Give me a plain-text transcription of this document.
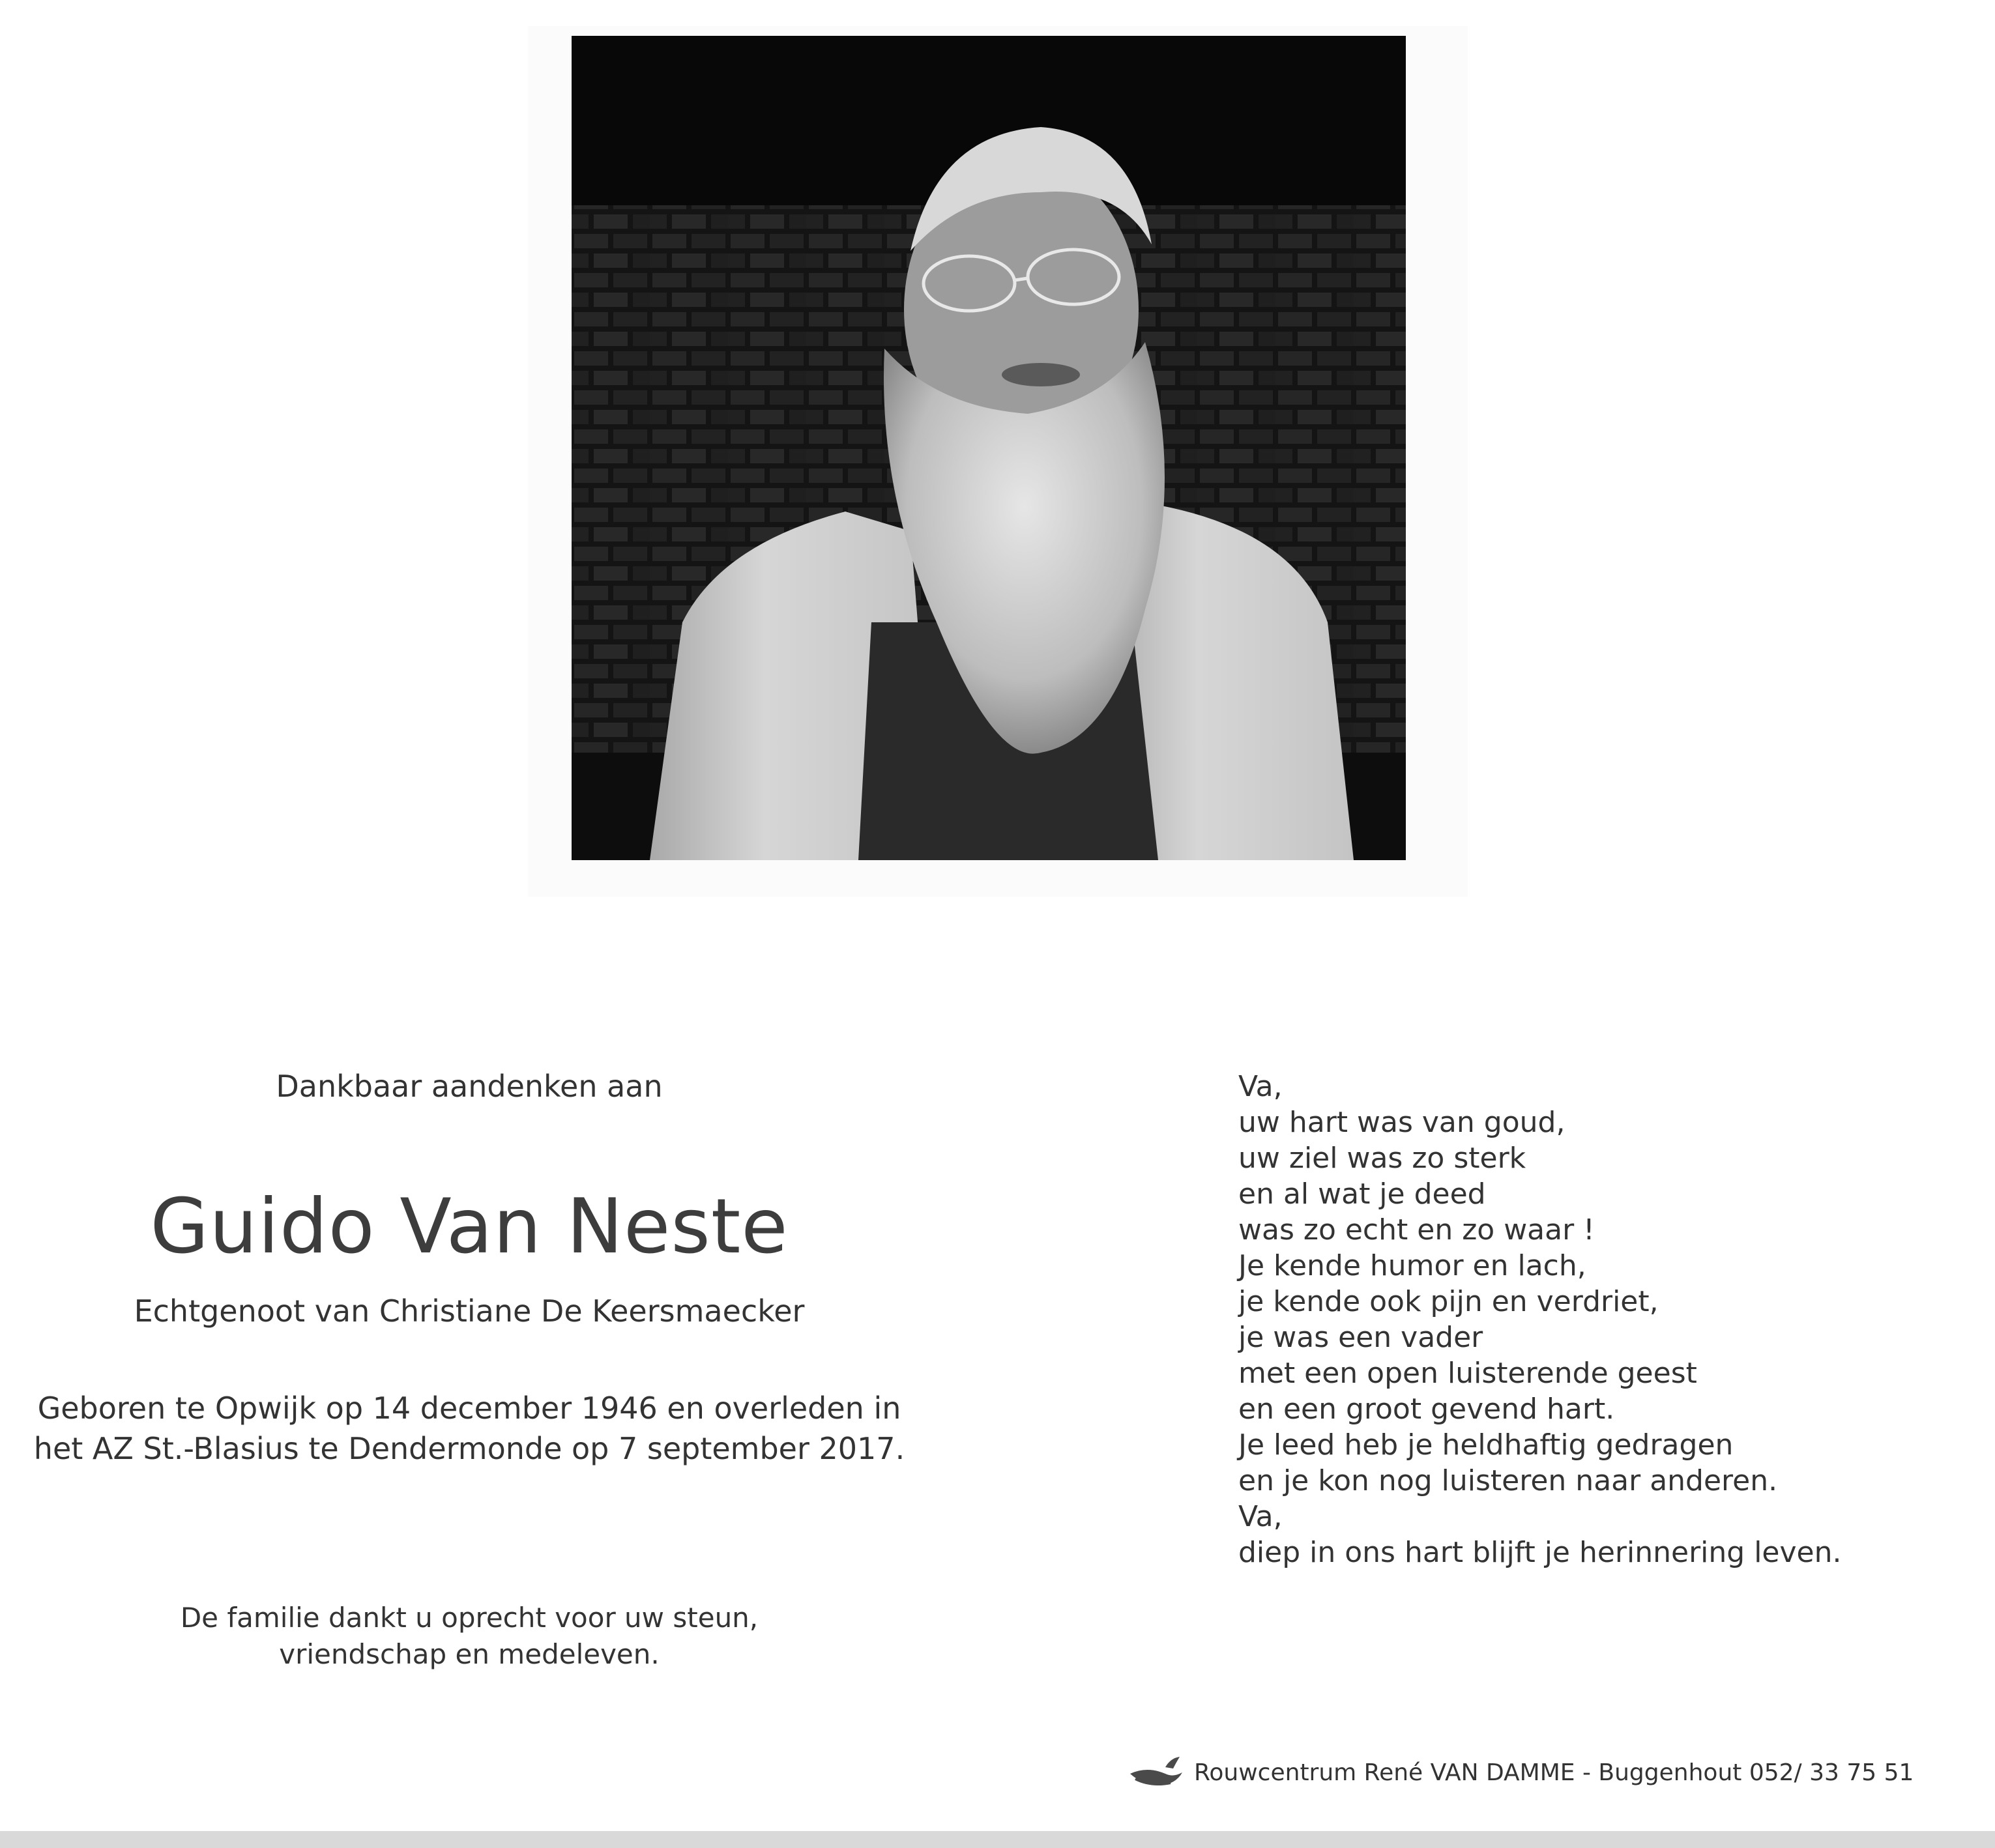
Dankbaar aandenken aan
Guido Van Neste
Echtgenoot van Christiane De Keersmaecker
Geboren te Opwijk op 14 december 1946 en overleden in
het AZ St.-Blasius te Dendermonde op 7 september 2017.
De familie dankt u oprecht voor uw steun,
vriendschap en medeleven.
Va,
uw hart was van goud,
uw ziel was zo sterk
en al wat je deed
was zo echt en zo waar !
Je kende humor en lach,
je kende ook pijn en verdriet,
je was een vader
met een open luisterende geest
en een groot gevend hart.
Je leed heb je heldhaftig gedragen
en je kon nog luisteren naar anderen.
Va,
diep in ons hart blijft je herinnering leven.
Rouwcentrum René VAN DAMME - Buggenhout 052/ 33 75 51
